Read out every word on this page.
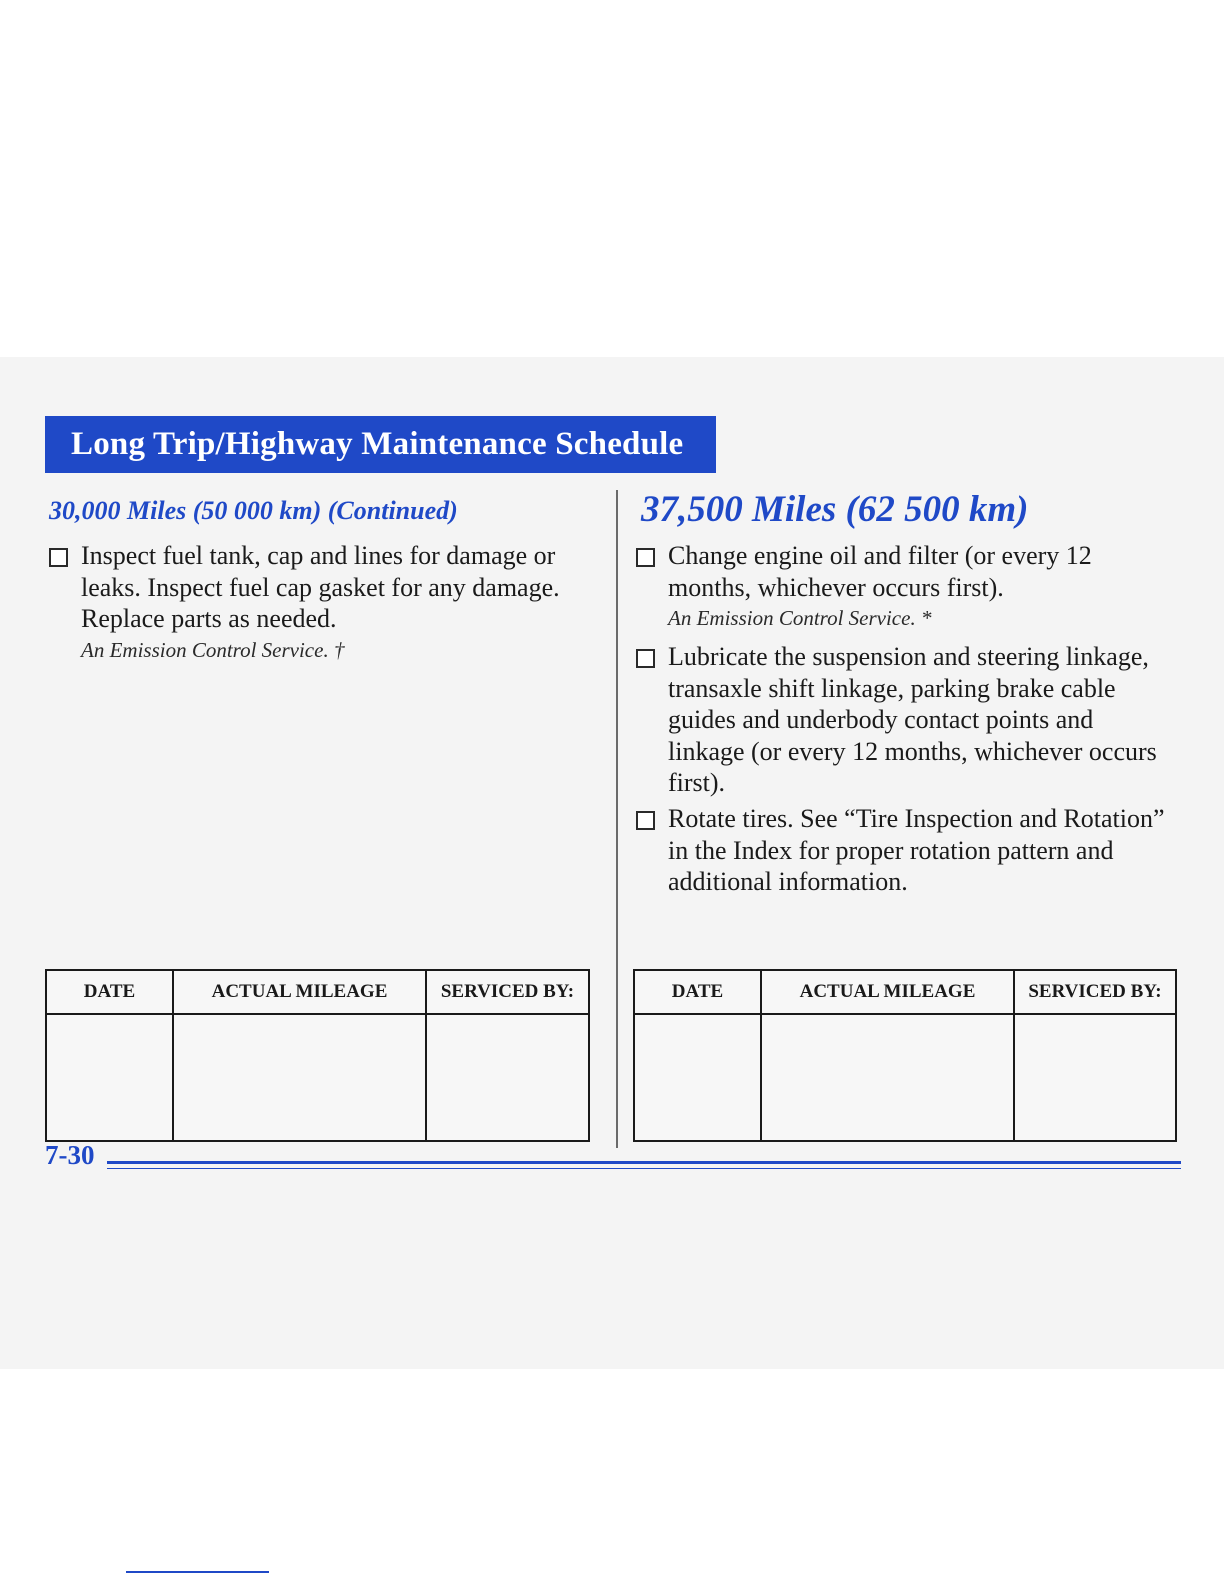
Long Trip/Highway Maintenance Schedule
30,000 Miles (50 000 km) (Continued)
Inspect fuel tank, cap and lines for damage or leaks. Inspect fuel cap gasket for any damage. Replace parts as needed.
An Emission Control Service. †
37,500 Miles (62 500 km)
Change engine oil and filter (or every 12 months, whichever occurs first).
An Emission Control Service. *
Lubricate the suspension and steering linkage, transaxle shift linkage, parking brake cable guides and underbody contact points and linkage (or every 12 months, whichever occurs first).
Rotate tires. See “Tire Inspection and Rotation” in the Index for proper rotation pattern and additional information.
DATE	ACTUAL MILEAGE	SERVICED BY:
			DATE	ACTUAL MILEAGE	SERVICED BY:

7-30
